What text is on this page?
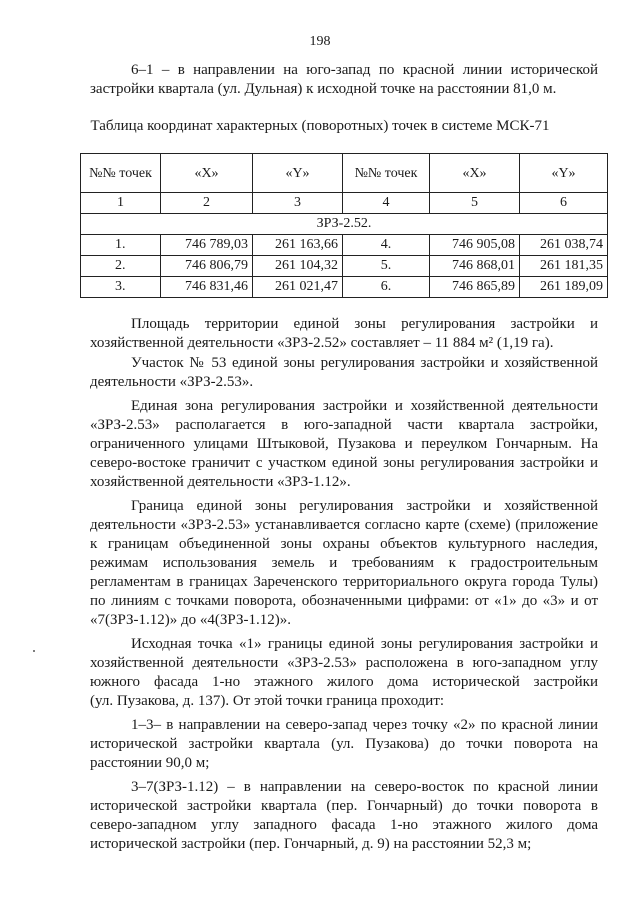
198
6–1 – в направлении на юго-запад по красной линии исторической
застройки квартала (ул. Дульная) к исходной точке на расстоянии 81,0 м.
Таблица координат характерных (поворотных) точек в системе МСК-71
№№ точек	«X»	«Y»	№№ точек	«X»	«Y»
1	2	3	4	5	6
ЗРЗ-2.52.					
1.	746 789,03	261 163,66	4.	746 905,08	261 038,74
2.	746 806,79	261 104,32	5.	746 868,01	261 181,35
3.	746 831,46	261 021,47	6.	746 865,89	261 189,09
Площадь территории единой зоны регулирования застройки и
хозяйственной деятельности «ЗРЗ-2.52» составляет – 11 884 м² (1,19 га).
Участок № 53 единой зоны регулирования застройки и хозяйственной
деятельности «ЗРЗ-2.53».
Единая зона регулирования застройки и хозяйственной деятельности
«ЗРЗ-2.53» располагается в юго-западной части квартала застройки,
ограниченного улицами Штыковой, Пузакова и переулком Гончарным. На
северо-востоке граничит с участком единой зоны регулирования застройки и
хозяйственной деятельности «ЗРЗ-1.12».
Граница единой зоны регулирования застройки и хозяйственной
деятельности «ЗРЗ-2.53» устанавливается согласно карте (схеме) (приложение
к границам объединенной зоны охраны объектов культурного наследия,
режимам использования земель и требованиям к градостроительным
регламентам в границах Зареченского территориального округа города Тулы)
по линиям с точками поворота, обозначенными цифрами: от «1» до «3» и от
«7(ЗРЗ-1.12)» до «4(ЗРЗ-1.12)».
Исходная точка «1» границы единой зоны регулирования застройки и
хозяйственной деятельности «ЗРЗ-2.53» расположена в юго-западном углу
южного фасада 1-но этажного жилого дома исторической застройки
(ул. Пузакова, д. 137). От этой точки граница проходит:
1–3– в направлении на северо-запад через точку «2» по красной линии
исторической застройки квартала (ул. Пузакова) до точки поворота на
расстоянии 90,0 м;
3–7(ЗРЗ-1.12) – в направлении на северо-восток по красной линии
исторической застройки квартала (пер. Гончарный) до точки поворота в
северо-западном углу западного фасада 1-но этажного жилого дома
исторической застройки (пер. Гончарный, д. 9) на расстоянии 52,3 м;
